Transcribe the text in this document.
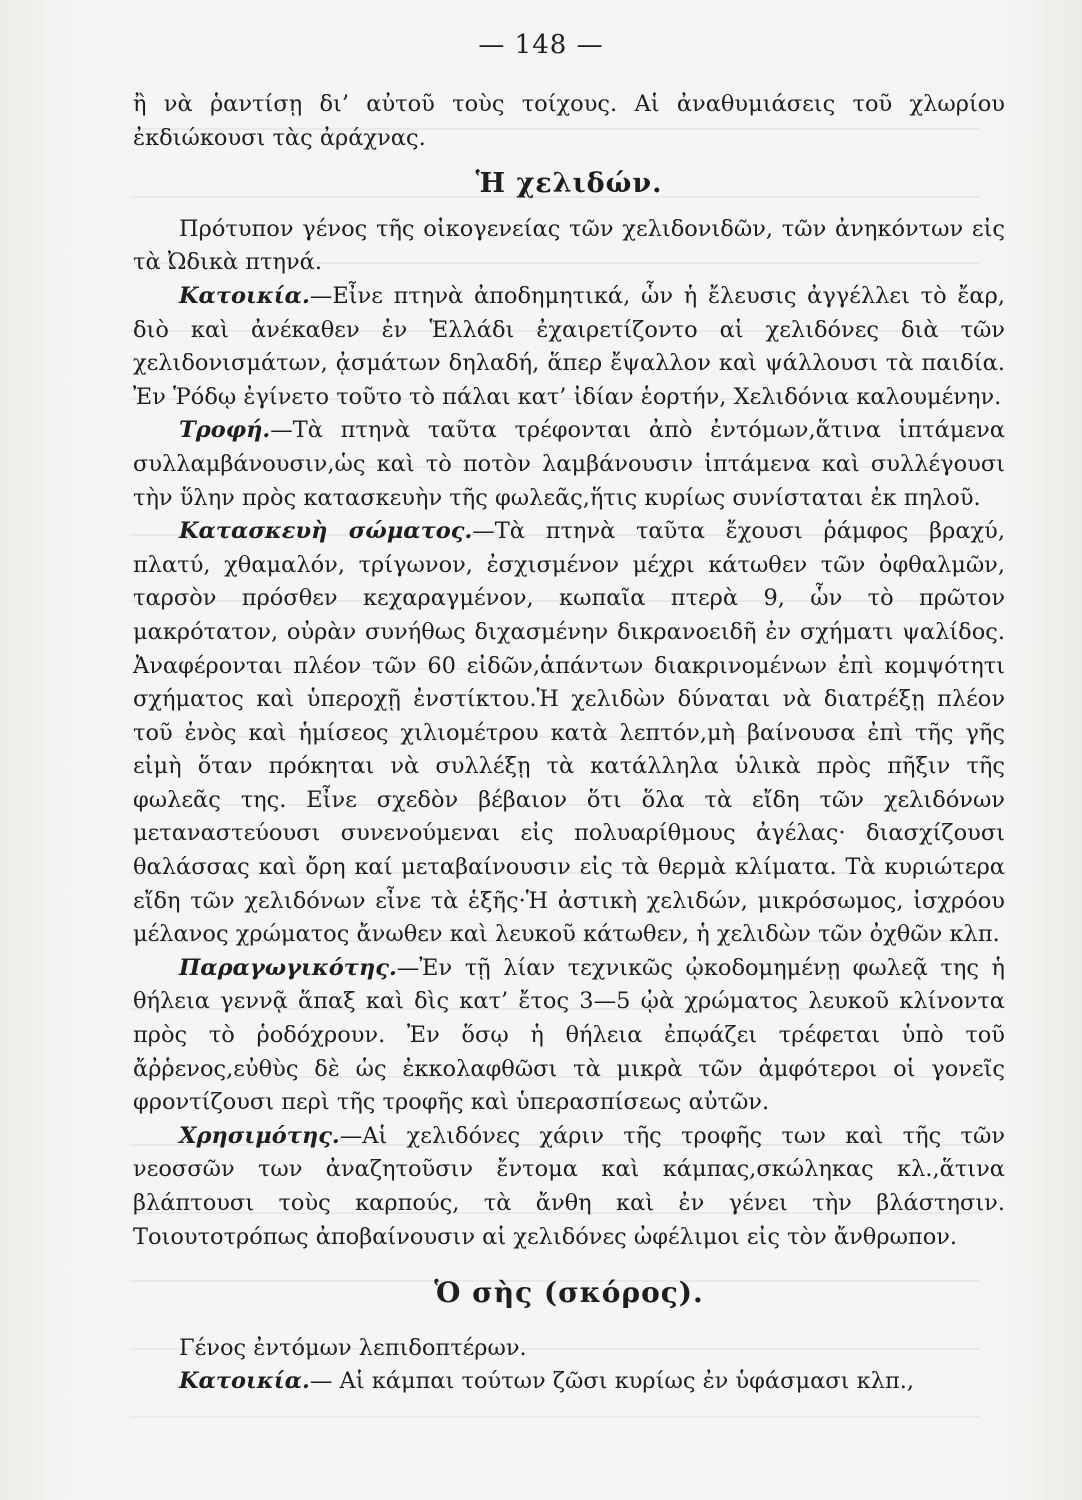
— 148 —

ἢ νὰ ῥαντίσῃ δι’ αὐτοῦ τοὺς τοίχους. Αἱ ἀναθυμιάσεις τοῦ χλωρίου ἐκδιώκουσι τὰς ἀράχνας.

Ἡ χελιδών.

Πρότυπον γένος τῆς οἰκογενείας τῶν χελιδονιδῶν, τῶν ἀνηκόντων εἰς τὰ Ὠδικὰ πτηνά.

Κατοικία.—Εἶνε πτηνὰ ἀποδημητικά, ὧν ἡ ἔλευσις ἀγγέλλει τὸ ἔαρ, διὸ καὶ ἀνέκαθεν ἐν Ἑλλάδι ἐχαιρετίζοντο αἱ χελιδόνες διὰ τῶν χελιδονισμάτων, ᾀσμάτων δηλαδή, ἅπερ ἔψαλλον καὶ ψάλλουσι τὰ παιδία. Ἐν Ῥόδῳ ἐγίνετο τοῦτο τὸ πάλαι κατ’ ἰδίαν ἑορτήν, Χελιδόνια καλουμένην.

Τροφή.—Τὰ πτηνὰ ταῦτα τρέφονται ἀπὸ ἐντόμων,ἅτινα ἱπτάμενα συλλαμβάνουσιν,ὡς καὶ τὸ ποτὸν λαμβάνουσιν ἱπτάμενα καὶ συλλέγουσι τὴν ὕλην πρὸς κατασκευὴν τῆς φωλεᾶς,ἥτις κυρίως συνίσταται ἐκ πηλοῦ.

Κατασκευὴ σώματος.—Τὰ πτηνὰ ταῦτα ἔχουσι ῥάμφος βραχύ, πλατύ, χθαμαλόν, τρίγωνον, ἐσχισμένον μέχρι κάτωθεν τῶν ὀφθαλμῶν, ταρσὸν πρόσθεν κεχαραγμένον, κωπαῖα πτερὰ 9, ὧν τὸ πρῶτον μακρότατον, οὐρὰν συνήθως διχασμένην δικρανοειδῆ ἐν σχήματι ψαλίδος. Ἀναφέρονται πλέον τῶν 60 εἰδῶν,ἁπάντων διακρινομένων ἐπὶ κομψότητι σχήματος καὶ ὑπεροχῇ ἐνστίκτου.Ἡ χελιδὼν δύναται νὰ διατρέξῃ πλέον τοῦ ἑνὸς καὶ ἡμίσεος χιλιομέτρου κατὰ λεπτόν,μὴ βαίνουσα ἐπὶ τῆς γῆς εἰμὴ ὅταν πρόκηται νὰ συλλέξῃ τὰ κατάλληλα ὑλικὰ πρὸς πῆξιν τῆς φωλεᾶς της. Εἶνε σχεδὸν βέβαιον ὅτι ὅλα τὰ εἴδη τῶν χελιδόνων μεταναστεύουσι συνενούμεναι εἰς πολυαρίθμους ἀγέλας· διασχίζουσι θαλάσσας καὶ ὄρη καί μεταβαίνουσιν εἰς τὰ θερμὰ κλίματα. Τὰ κυριώτερα εἴδη τῶν χελιδόνων εἶνε τὰ ἑξῆς·Ἡ ἀστικὴ χελιδών, μικρόσωμος, ἰσχρόου μέλανος χρώματος ἄνωθεν καὶ λευκοῦ κάτωθεν, ἡ χελιδὼν τῶν ὀχθῶν κλπ.

Παραγωγικότης.—Ἐν τῇ λίαν τεχνικῶς ᾠκοδομημένῃ φωλεᾷ της ἡ θήλεια γεννᾷ ἅπαξ καὶ δὶς κατ’ ἔτος 3—5 ᾠὰ χρώματος λευκοῦ κλίνοντα πρὸς τὸ ῥοδόχρουν. Ἐν ὅσῳ ἡ θήλεια ἐπῳάζει τρέφεται ὑπὸ τοῦ ἄῤῥενος,εὐθὺς δὲ ὡς ἐκκολαφθῶσι τὰ μικρὰ τῶν ἀμφότεροι οἱ γονεῖς φροντίζουσι περὶ τῆς τροφῆς καὶ ὑπερασπίσεως αὐτῶν.

Χρησιμότης.—Αἱ χελιδόνες χάριν τῆς τροφῆς των καὶ τῆς τῶν νεοσσῶν των ἀναζητοῦσιν ἔντομα καὶ κάμπας,σκώληκας κλ.,ἅτινα βλάπτουσι τοὺς καρπούς, τὰ ἄνθη καὶ ἐν γένει τὴν βλάστησιν. Τοιουτοτρόπως ἀποβαίνουσιν αἱ χελιδόνες ὠφέλιμοι εἰς τὸν ἄνθρωπον.

Ὁ σὴς (σκόρος).

Γένος ἐντόμων λεπιδοπτέρων.

Κατοικία.— Αἱ κάμπαι τούτων ζῶσι κυρίως ἐν ὑφάσμασι κλπ.,
